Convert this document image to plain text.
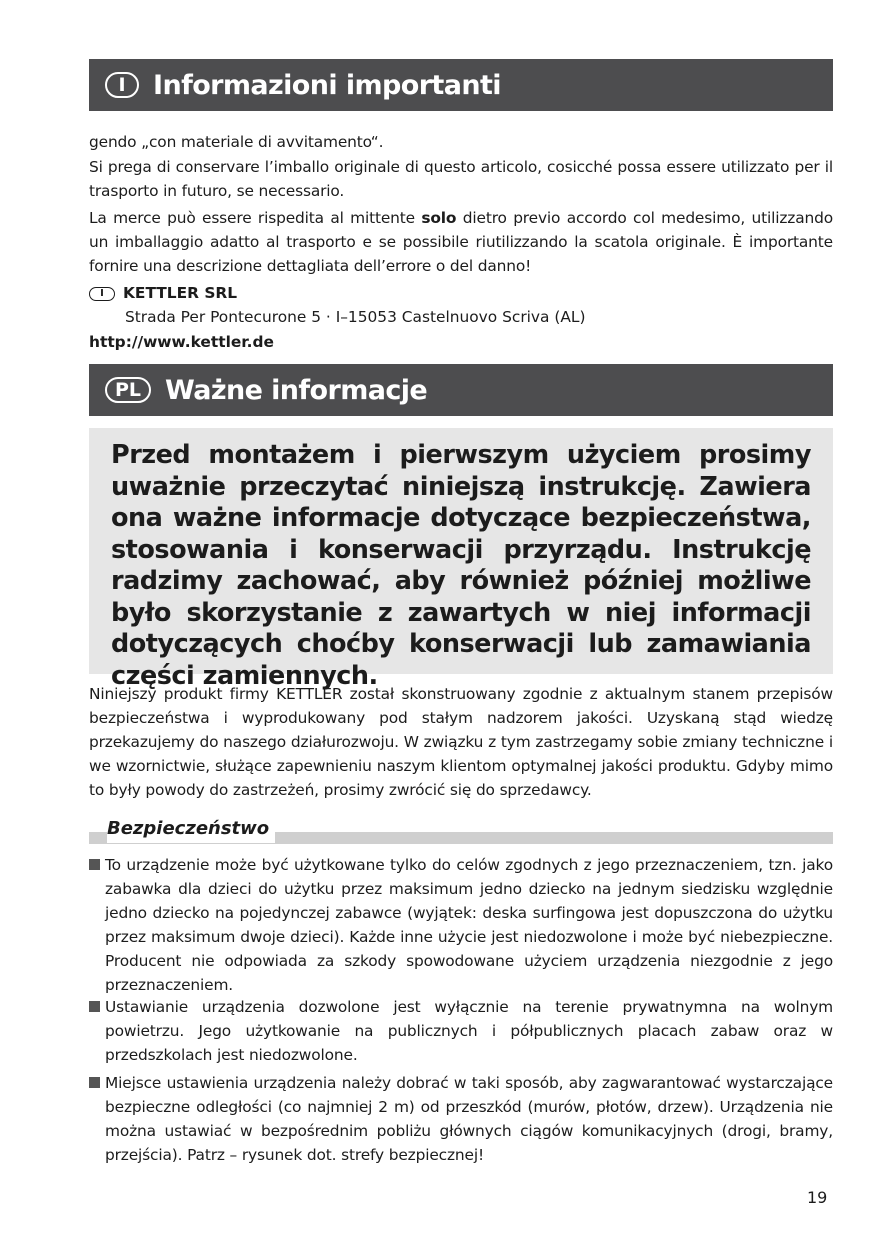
I	Informazioni importanti

gendo „con materiale di avvitamento“.

Si prega di conservare l’imballo originale di questo articolo, cosicché possa essere utilizzato per il trasporto in futuro, se necessario.

La merce può essere rispedita al mittente solo dietro previo accordo col medesimo, utilizzando un imballaggio adatto al trasporto e se possibile riutilizzando la scatola originale. È importante fornire una descrizione dettagliata dell’errore o del danno!

I KETTLER SRL
Strada Per Pontecurone 5 · I–15053 Castelnuovo Scriva (AL)
http://www.kettler.de
PL Ważne informacje

Przed montażem i pierwszym użyciem prosimy uważnie przeczytać niniejszą instrukcję. Zawiera ona ważne informacje dotyczące bezpieczeństwa, stosowania i konserwacji przyrządu. Instrukcję radzimy zachować, aby również później możliwe było skorzystanie z zawartych w niej informacji dotyczących choćby konserwacji lub zamawiania części zamiennych.

Niniejszy produkt firmy KETTLER został skonstruowany zgodnie z aktualnym stanem przepisów bezpieczeństwa i wyprodukowany pod stałym nadzorem jakości. Uzyskaną stąd wiedzę przekazujemy do naszego działurozwoju. W związku z tym zastrzegamy sobie zmiany techniczne i we wzornictwie, służące zapewnieniu naszym klientom optymalnej jakości produktu. Gdyby mimo to były powody do zastrzeżeń, prosimy zwrócić się do sprzedawcy.

Bezpieczeństwo

To urządzenie może być użytkowane tylko do celów zgodnych z jego przeznaczeniem, tzn. jako zabawka dla dzieci do użytku przez maksimum jedno dziecko na jednym siedzisku względnie jedno dziecko na pojedynczej zabawce (wyjątek: deska surfingowa jest dopuszczona do użytku przez maksimum dwoje dzieci). Każde inne użycie jest niedozwolone i może być niebezpieczne. Producent nie odpowiada za szkody spowodowane użyciem urządzenia niezgodnie z jego przeznaczeniem.

Ustawianie urządzenia dozwolone jest wyłącznie na terenie prywatnymna na wolnym powietrzu. Jego użytkowanie na publicznych i półpublicznych placach zabaw oraz w przedszkolach jest niedozwolone.

Miejsce ustawienia urządzenia należy dobrać w taki sposób, aby zagwarantować wystarczające bezpieczne odległości (co najmniej 2 m) od przeszkód (murów, płotów, drzew). Urządzenia nie można ustawiać w bezpośrednim pobliżu głównych ciągów komunikacyjnych (drogi, bramy, przejścia). Patrz – rysunek dot. strefy bezpiecznej!

19
